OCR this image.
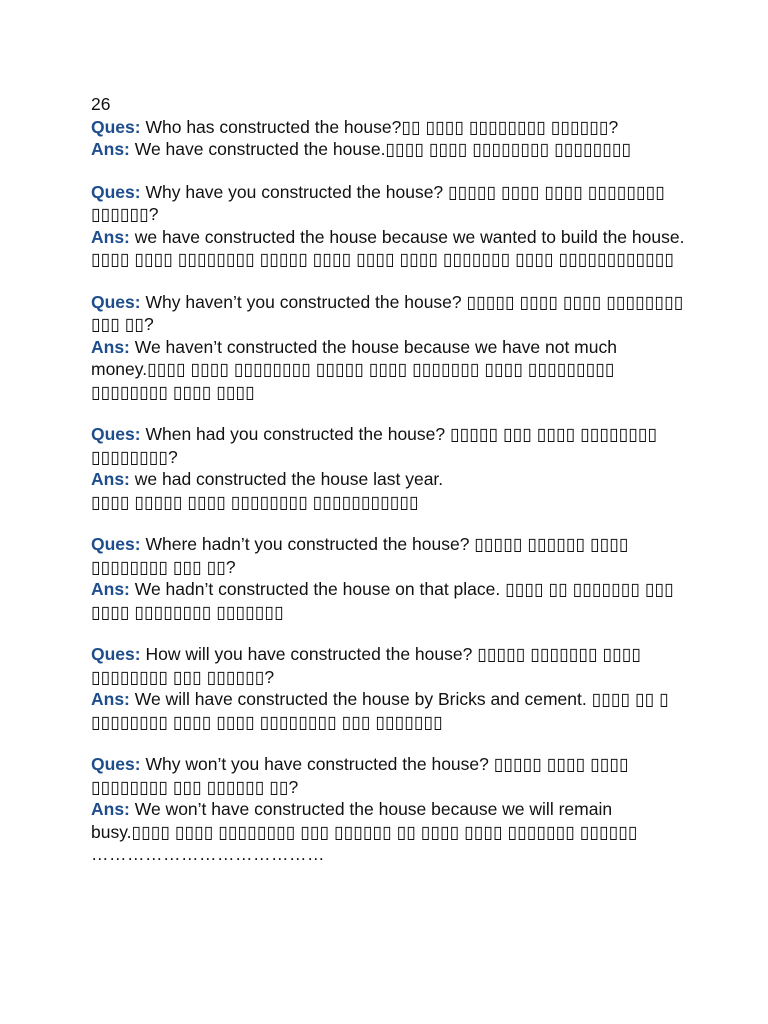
26
Ques: Who has constructed the house?▯▯ ▯▯▯▯ ▯▯▯▯▯▯▯▯ ▯▯▯▯▯▯?
Ans: We have constructed the house.▯▯▯▯ ▯▯▯▯ ▯▯▯▯▯▯▯▯ ▯▯▯▯▯▯▯▯
Ques: Why have you constructed the house? ▯▯▯▯▯ ▯▯▯▯ ▯▯▯▯ ▯▯▯▯▯▯▯▯ ▯▯▯▯▯▯?
Ans: we have constructed the house because we wanted to build the house. ▯▯▯▯ ▯▯▯▯ ▯▯▯▯▯▯▯▯ ▯▯▯▯▯ ▯▯▯▯ ▯▯▯▯ ▯▯▯▯ ▯▯▯▯▯▯▯ ▯▯▯▯ ▯▯▯▯▯▯▯▯▯▯▯▯
Ques: Why haven’t you constructed the house? ▯▯▯▯▯ ▯▯▯▯ ▯▯▯▯ ▯▯▯▯▯▯▯▯ ▯▯▯ ▯▯?
Ans: We haven’t constructed the house because we have not much money.▯▯▯▯ ▯▯▯▯ ▯▯▯▯▯▯▯▯ ▯▯▯▯▯ ▯▯▯▯ ▯▯▯▯▯▯▯ ▯▯▯▯ ▯▯▯▯▯▯▯▯▯ ▯▯▯▯▯▯▯▯ ▯▯▯▯ ▯▯▯▯
Ques: When had you constructed the house? ▯▯▯▯▯ ▯▯▯ ▯▯▯▯ ▯▯▯▯▯▯▯▯ ▯▯▯▯▯▯▯▯?
Ans: we had constructed the house last year.
▯▯▯▯ ▯▯▯▯▯ ▯▯▯▯ ▯▯▯▯▯▯▯▯ ▯▯▯▯▯▯▯▯▯▯▯
Ques: Where hadn’t you constructed the house? ▯▯▯▯▯ ▯▯▯▯▯▯ ▯▯▯▯ ▯▯▯▯▯▯▯▯ ▯▯▯ ▯▯?
Ans: We hadn’t constructed the house on that place. ▯▯▯▯ ▯▯ ▯▯▯▯▯▯▯ ▯▯▯ ▯▯▯▯ ▯▯▯▯▯▯▯▯ ▯▯▯▯▯▯▯
Ques: How will you have constructed the house? ▯▯▯▯▯ ▯▯▯▯▯▯▯ ▯▯▯▯ ▯▯▯▯▯▯▯▯ ▯▯▯ ▯▯▯▯▯▯?
Ans: We will have constructed the house by Bricks and cement. ▯▯▯▯ ▯▯ ▯ ▯▯▯▯▯▯▯▯ ▯▯▯▯ ▯▯▯▯ ▯▯▯▯▯▯▯▯ ▯▯▯ ▯▯▯▯▯▯▯
Ques: Why won’t you have constructed the house? ▯▯▯▯▯ ▯▯▯▯ ▯▯▯▯ ▯▯▯▯▯▯▯▯ ▯▯▯ ▯▯▯▯▯▯ ▯▯?
Ans: We won’t have constructed the house because we will remain busy.▯▯▯▯ ▯▯▯▯ ▯▯▯▯▯▯▯▯ ▯▯▯ ▯▯▯▯▯▯ ▯▯ ▯▯▯▯ ▯▯▯▯ ▯▯▯▯▯▯▯ ▯▯▯▯▯▯
…………………………………
